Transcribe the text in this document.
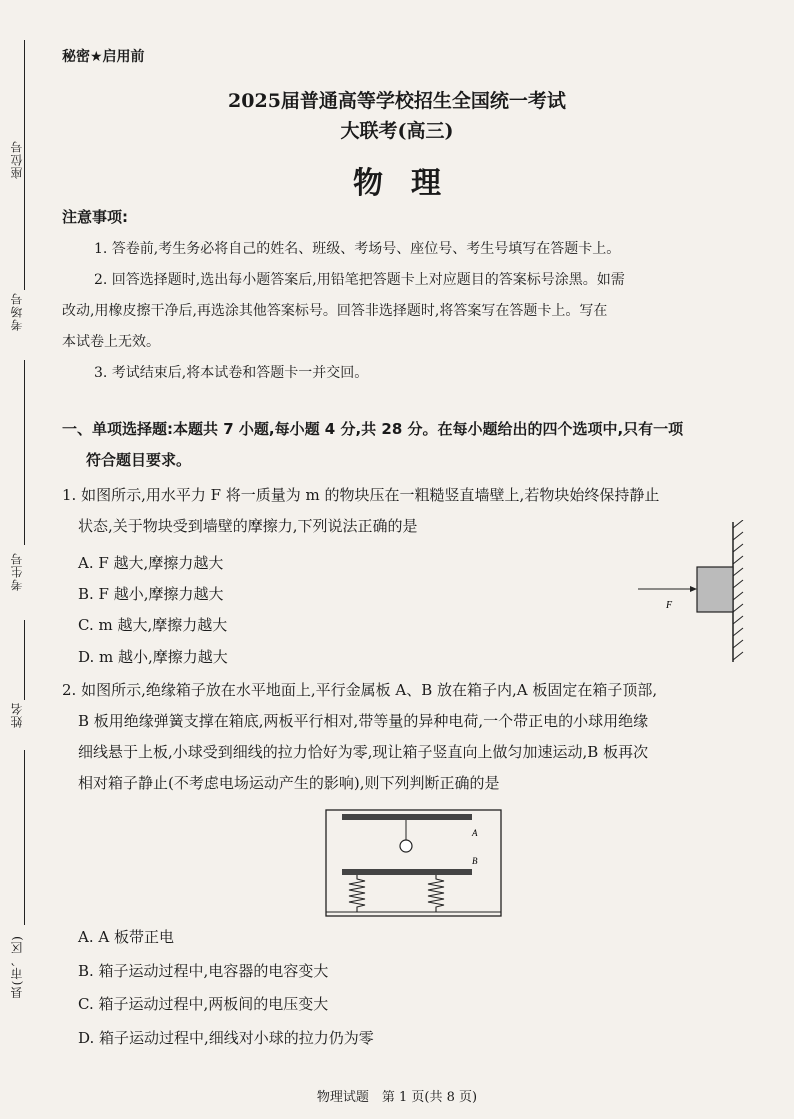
座位号
考场号
考生号
姓名
县(市、区)
秘密★启用前
2025届普通高等学校招生全国统一考试
大联考(高三)
物理
注意事项:
1. 答卷前,考生务必将自己的姓名、班级、考场号、座位号、考生号填写在答题卡上。
2. 回答选择题时,选出每小题答案后,用铅笔把答题卡上对应题目的答案标号涂黑。如需
改动,用橡皮擦干净后,再选涂其他答案标号。回答非选择题时,将答案写在答题卡上。写在
本试卷上无效。
3. 考试结束后,将本试卷和答题卡一并交回。
一、单项选择题:本题共 7 小题,每小题 4 分,共 28 分。在每小题给出的四个选项中,只有一项
符合题目要求。
1. 如图所示,用水平力 F 将一质量为 m 的物块压在一粗糙竖直墙壁上,若物块始终保持静止
状态,关于物块受到墙壁的摩擦力,下列说法正确的是
A. F 越大,摩擦力越大
B. F 越小,摩擦力越大
C. m 越大,摩擦力越大
D. m 越小,摩擦力越大
F
2. 如图所示,绝缘箱子放在水平地面上,平行金属板 A、B 放在箱子内,A 板固定在箱子顶部,
B 板用绝缘弹簧支撑在箱底,两板平行相对,带等量的异种电荷,一个带正电的小球用绝缘
细线悬于上板,小球受到细线的拉力恰好为零,现让箱子竖直向上做匀加速运动,B 板再次
相对箱子静止(不考虑电场运动产生的影响),则下列判断正确的是
A
B
A. A 板带正电
B. 箱子运动过程中,电容器的电容变大
C. 箱子运动过程中,两板间的电压变大
D. 箱子运动过程中,细线对小球的拉力仍为零
物理试题　第 1 页(共 8 页)
